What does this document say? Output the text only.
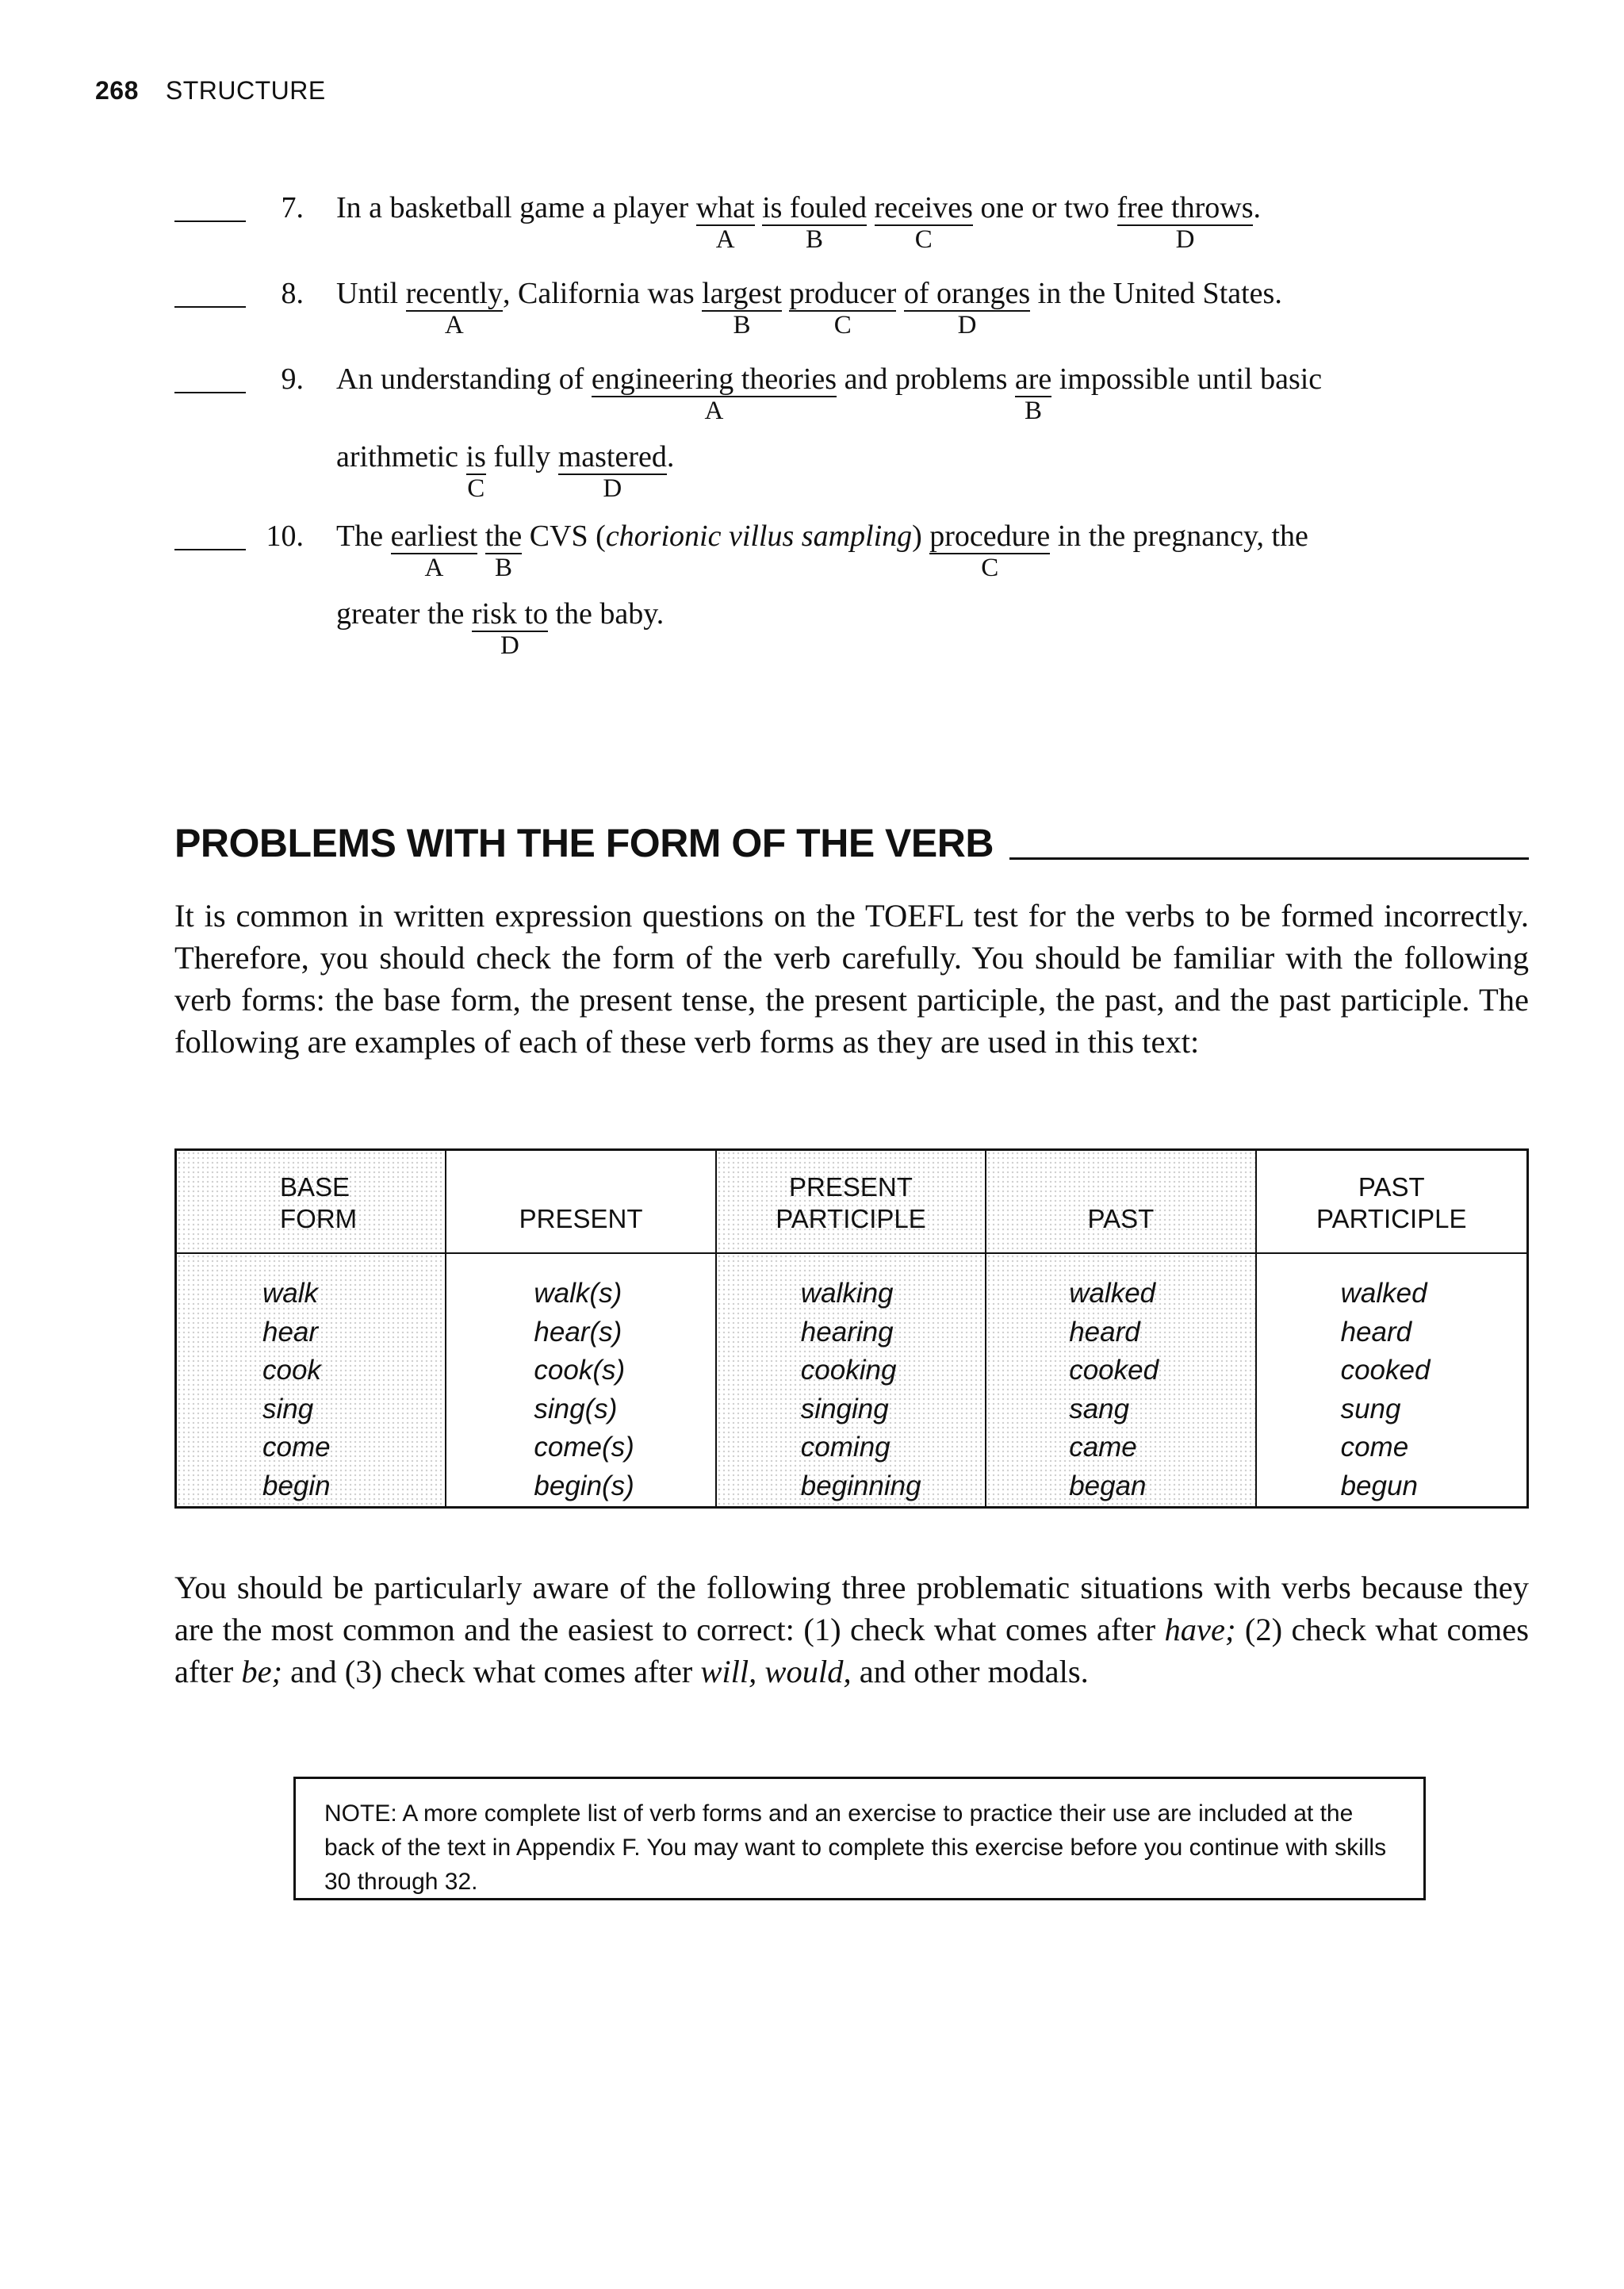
268 STRUCTURE
7. In a basketball game a player what
A
is fouled
B
receives
C
one or two free throws
D
.
8. Until recently
A
, California was largest
B
producer
C
of oranges
D
in the United States.
9. An understanding of engineering theories
A
and problems are
B
impossible until basic
arithmetic is
C
fully mastered
D
.
10. The earliest
A
the
B
CVS (chorionic villus sampling) procedure
C
in the pregnancy, the
greater the risk to
D
the baby.
PROBLEMS WITH THE FORM OF THE VERB

It is common in written expression questions on the TOEFL test for the verbs to be formed incorrectly. Therefore, you should check the form of the verb carefully. You should be familiar with the following verb forms: the base form, the present tense, the present participle, the past, and the past participle. The following are examples of each of these verb forms as they are used in this text:

BASE
FORM	PRESENT
PRESENT
PARTICIPLE	PAST
PAST
PARTICIPLE
walk
hear
cook
sing
come
begin
walk(s)
hear(s)
cook(s)
sing(s)
come(s)
begin(s)
walking
hearing
cooking
singing
coming
beginning
walked
heard
cooked
sang
came
began
walked
heard
cooked
sung
come
begun

You should be particularly aware of the following three problematic situations with verbs because they are the most common and the easiest to correct: (1) check what comes after have; (2) check what comes after be; and (3) check what comes after will, would, and other modals.

NOTE: A more complete list of verb forms and an exercise to practice their use are included at the back of the text in Appendix F. You may want to complete this exercise before you continue with skills 30 through 32.
